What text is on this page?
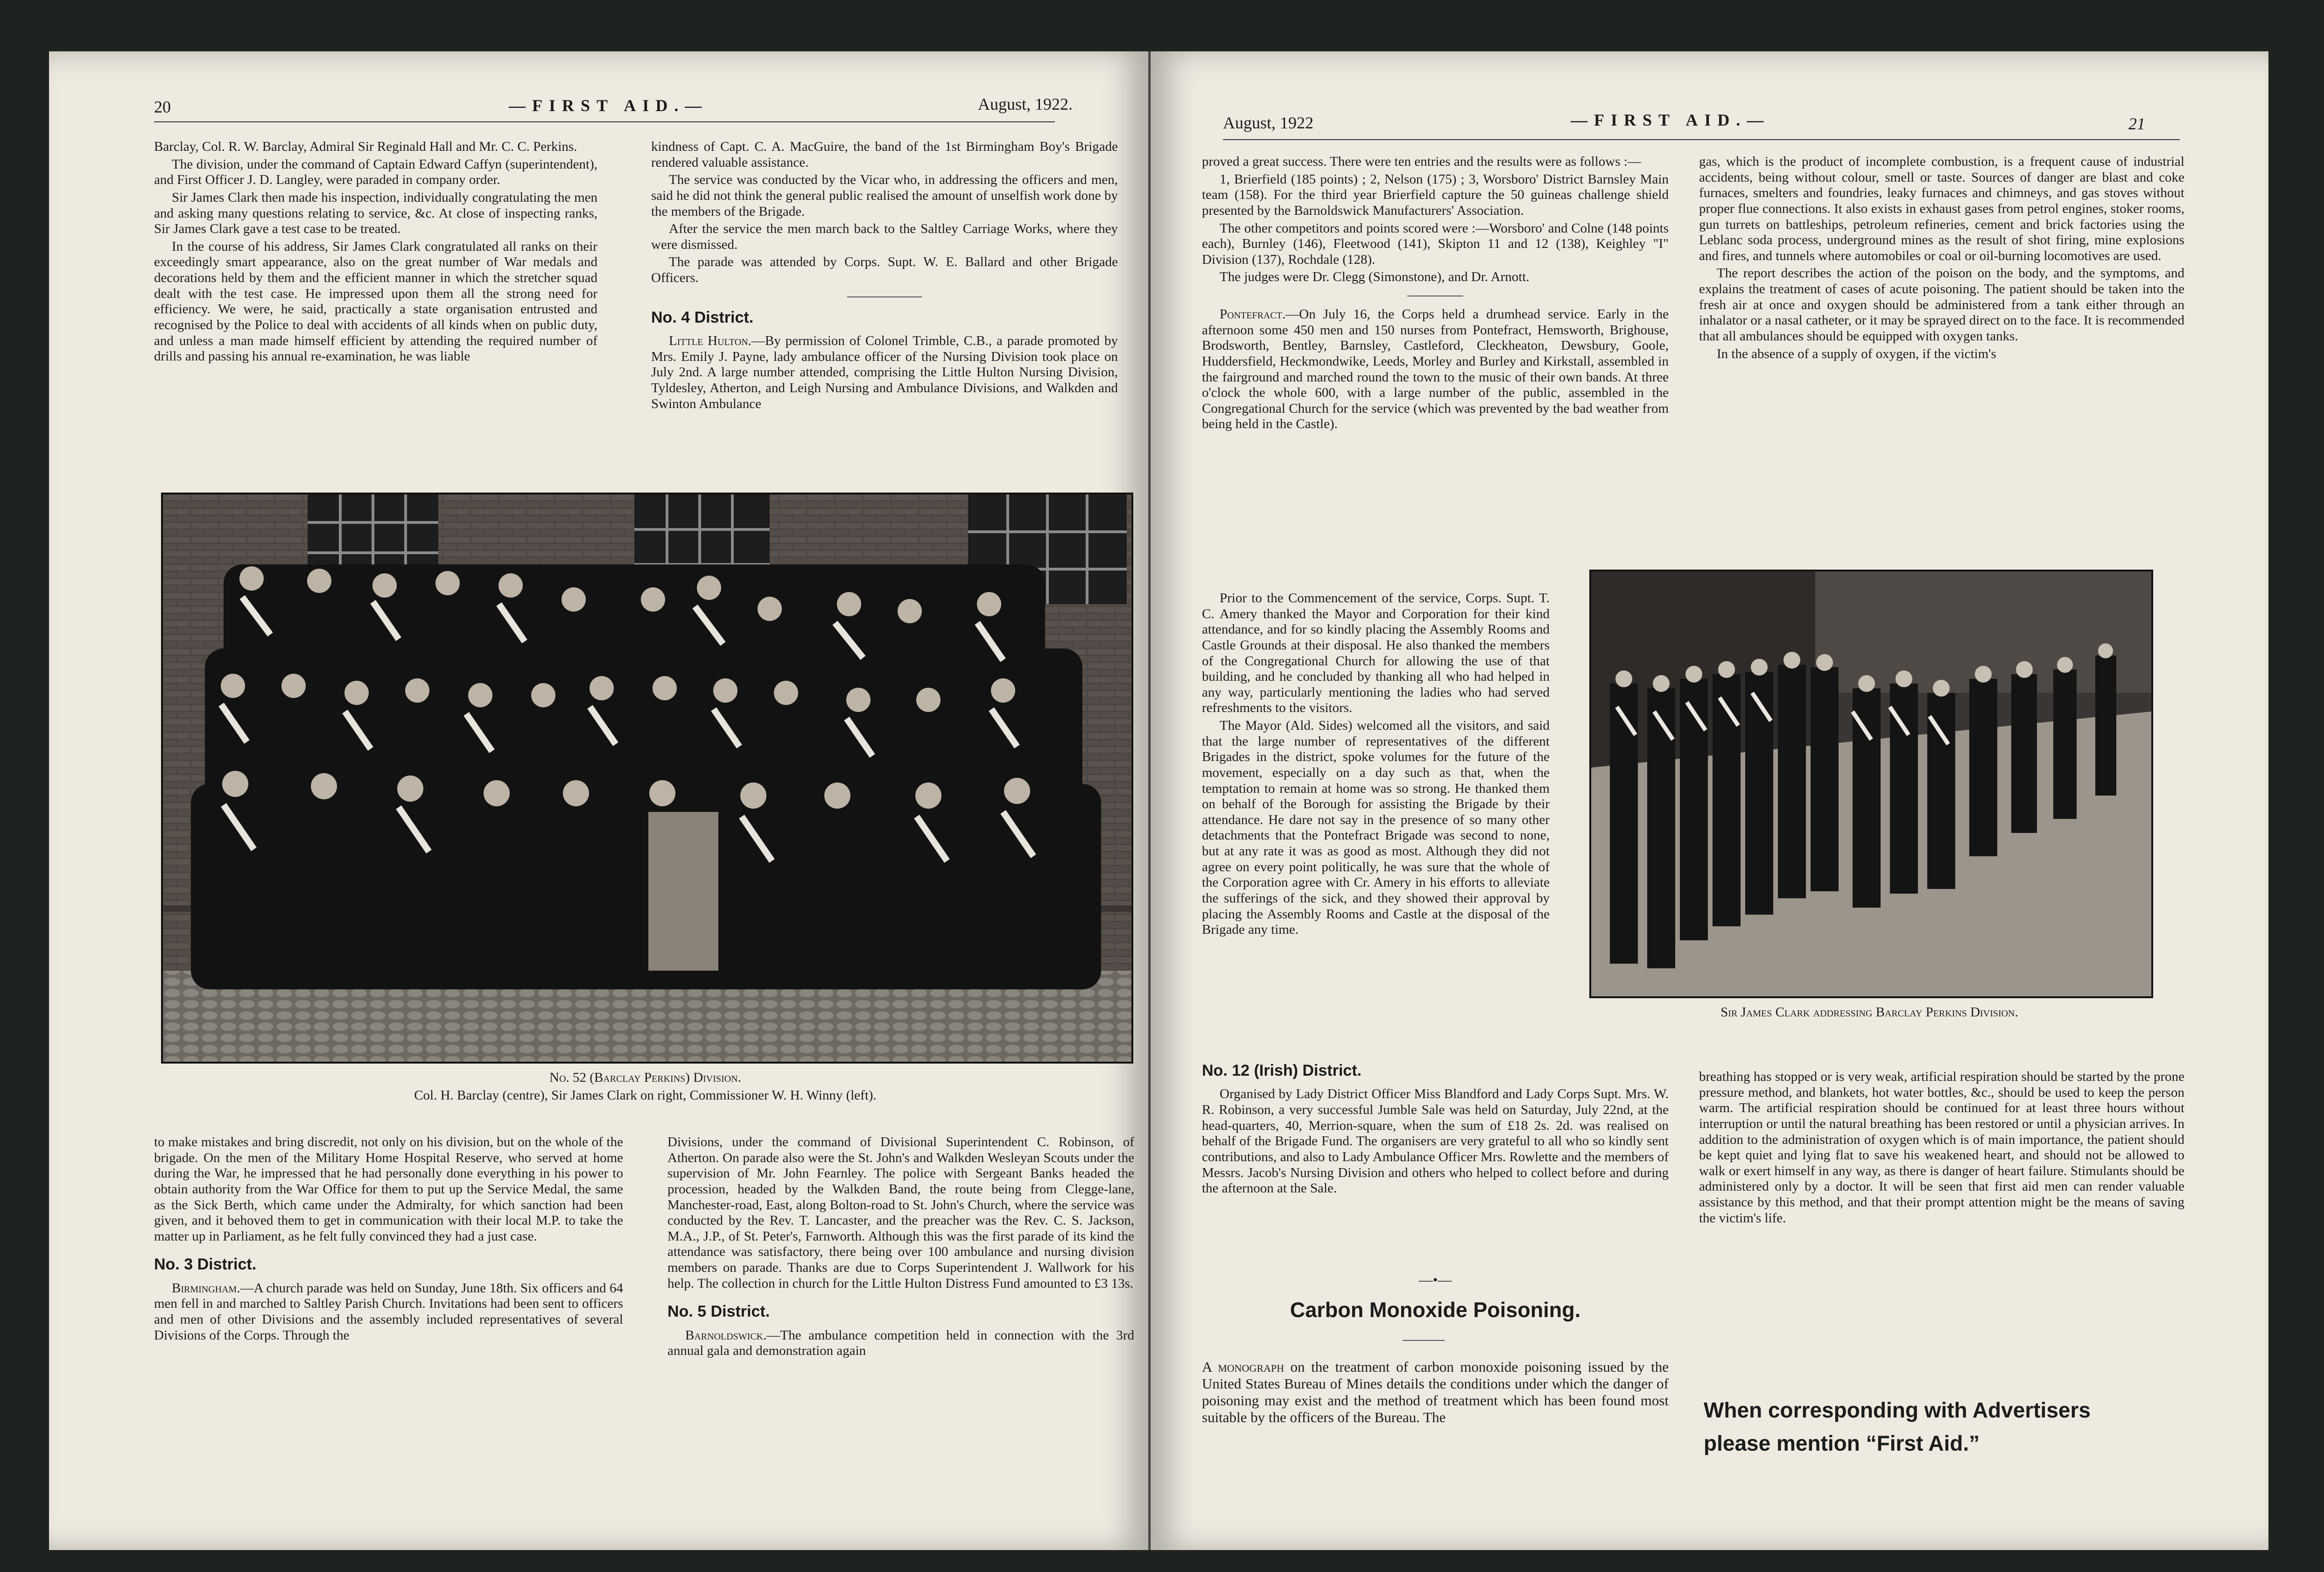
20	—FIRST AID.—	August, 1922.

Barclay, Col. R. W. Barclay, Admiral Sir Reginald Hall and Mr. C. C. Perkins.

The division, under the command of Captain Edward Caffyn (superintendent), and First Officer J. D. Langley, were paraded in company order.

Sir James Clark then made his inspection, individually congratulating the men and asking many questions relating to service, &c. At close of inspecting ranks, Sir James Clark gave a test case to be treated.

In the course of his address, Sir James Clark congratulated all ranks on their exceedingly smart appearance, also on the great number of War medals and decorations held by them and the efficient manner in which the stretcher squad dealt with the test case. He impressed upon them all the strong need for efficiency. We were, he said, practically a state organisation entrusted and recognised by the Police to deal with accidents of all kinds when on public duty, and unless a man made himself efficient by attending the required number of drills and passing his annual re-examination, he was liable

kindness of Capt. C. A. MacGuire, the band of the 1st Birmingham Boy's Brigade rendered valuable assistance.

The service was conducted by the Vicar who, in addressing the officers and men, said he did not think the general public realised the amount of unselfish work done by the members of the Brigade.

After the service the men march back to the Saltley Carriage Works, where they were dismissed.

The parade was attended by Corps. Supt. W. E. Ballard and other Brigade Officers.

No. 4 District.

Little Hulton.—By permission of Colonel Trimble, C.B., a parade promoted by Mrs. Emily J. Payne, lady ambulance officer of the Nursing Division took place on July 2nd. A large number attended, comprising the Little Hulton Nursing Division, Tyldesley, Atherton, and Leigh Nursing and Ambulance Divisions, and Walkden and Swinton Ambulance

No. 52 (Barclay Perkins) Division.
Col. H. Barclay (centre), Sir James Clark on right, Commissioner W. H. Winny (left).

to make mistakes and bring discredit, not only on his division, but on the whole of the brigade. On the men of the Military Home Hospital Reserve, who served at home during the War, he impressed that he had personally done everything in his power to obtain authority from the War Office for them to put up the Service Medal, the same as the Sick Berth, which came under the Admiralty, for which sanction had been given, and it behoved them to get in communication with their local M.P. to take the matter up in Parliament, as he felt fully convinced they had a just case.

No. 3 District.

Birmingham.—A church parade was held on Sunday, June 18th. Six officers and 64 men fell in and marched to Saltley Parish Church. Invitations had been sent to officers and men of other Divisions and the assembly included representatives of several Divisions of the Corps. Through the

Divisions, under the command of Divisional Superintendent C. Robinson, of Atherton. On parade also were the St. John's and Walkden Wesleyan Scouts under the supervision of Mr. John Fearnley. The police with Sergeant Banks headed the procession, headed by the Walkden Band, the route being from Clegge-lane, Manchester-road, East, along Bolton-road to St. John's Church, where the service was conducted by the Rev. T. Lancaster, and the preacher was the Rev. C. S. Jackson, M.A., J.P., of St. Peter's, Farnworth. Although this was the first parade of its kind the attendance was satisfactory, there being over 100 ambulance and nursing division members on parade. Thanks are due to Corps Superintendent J. Wallwork for his help. The collection in church for the Little Hulton Distress Fund amounted to £3 13s.

No. 5 District.

Barnoldswick.—The ambulance competition held in connection with the 3rd annual gala and demonstration again

August, 1922	—FIRST AID.—	21

proved a great success. There were ten entries and the results were as follows :—

1, Brierfield (185 points) ; 2, Nelson (175) ; 3, Worsboro' District Barnsley Main team (158). For the third year Brierfield capture the 50 guineas challenge shield presented by the Barnoldswick Manufacturers' Association.

The other competitors and points scored were :—Worsboro' and Colne (148 points each), Burnley (146), Fleetwood (141), Skipton 11 and 12 (138), Keighley "I" Division (137), Rochdale (128).

The judges were Dr. Clegg (Simonstone), and Dr. Arnott.

Pontefract.—On July 16, the Corps held a drumhead service. Early in the afternoon some 450 men and 150 nurses from Pontefract, Hemsworth, Brighouse, Brodsworth, Bentley, Barnsley, Castleford, Cleckheaton, Dewsbury, Goole, Huddersfield, Heckmondwike, Leeds, Morley and Burley and Kirkstall, assembled in the fairground and marched round the town to the music of their own bands. At three o'clock the whole 600, with a large number of the public, assembled in the Congregational Church for the service (which was prevented by the bad weather from being held in the Castle).

Prior to the Commencement of the service, Corps. Supt. T. C. Amery thanked the Mayor and Corporation for their kind attendance, and for so kindly placing the Assembly Rooms and Castle Grounds at their disposal. He also thanked the members of the Congregational Church for allowing the use of that building, and he concluded by thanking all who had helped in any way, particularly mentioning the ladies who had served refreshments to the visitors.

The Mayor (Ald. Sides) welcomed all the visitors, and said that the large number of representatives of the different Brigades in the district, spoke volumes for the future of the movement, especially on a day such as that, when the temptation to remain at home was so strong. He thanked them on behalf of the Borough for assisting the Brigade by their attendance. He dare not say in the presence of so many other detachments that the Pontefract Brigade was second to none, but at any rate it was as good as most. Although they did not agree on every point politically, he was sure that the whole of the Corporation agree with Cr. Amery in his efforts to alleviate the sufferings of the sick, and they showed their approval by placing the Assembly Rooms and Castle at the disposal of the Brigade any time.

gas, which is the product of incomplete combustion, is a frequent cause of industrial accidents, being without colour, smell or taste. Sources of danger are blast and coke furnaces, smelters and foundries, leaky furnaces and chimneys, and gas stoves without proper flue connections. It also exists in exhaust gases from petrol engines, stoker rooms, gun turrets on battleships, petroleum refineries, cement and brick factories using the Leblanc soda process, underground mines as the result of shot firing, mine explosions and fires, and tunnels where automobiles or coal or oil-burning locomotives are used.

The report describes the action of the poison on the body, and the symptoms, and explains the treatment of cases of acute poisoning. The patient should be taken into the fresh air at once and oxygen should be administered from a tank either through an inhalator or a nasal catheter, or it may be sprayed direct on to the face. It is recommended that all ambulances should be equipped with oxygen tanks.

In the absence of a supply of oxygen, if the victim's

Sir James Clark addressing Barclay Perkins Division.
No. 12 (Irish) District.

Organised by Lady District Officer Miss Blandford and Lady Corps Supt. Mrs. W. R. Robinson, a very successful Jumble Sale was held on Saturday, July 22nd, at the head-quarters, 40, Merrion-square, when the sum of £18 2s. 2d. was realised on behalf of the Brigade Fund. The organisers are very grateful to all who so kindly sent contributions, and also to Lady Ambulance Officer Mrs. Rowlette and the members of Messrs. Jacob's Nursing Division and others who helped to collect before and during the afternoon at the Sale.

—•—
Carbon Monoxide Poisoning.

A monograph on the treatment of carbon monoxide poisoning issued by the United States Bureau of Mines details the conditions under which the danger of poisoning may exist and the method of treatment which has been found most suitable by the officers of the Bureau. The

breathing has stopped or is very weak, artificial respiration should be started by the prone pressure method, and blankets, hot water bottles, &c., should be used to keep the person warm. The artificial respiration should be continued for at least three hours without interruption or until the natural breathing has been restored or until a physician arrives. In addition to the administration of oxygen which is of main importance, the patient should be kept quiet and lying flat to save his weakened heart, and should not be allowed to walk or exert himself in any way, as there is danger of heart failure. Stimulants should be administered only by a doctor. It will be seen that first aid men can render valuable assistance by this method, and that their prompt attention might be the means of saving the victim's life.

When corresponding with Advertisers
please mention “First Aid.”
